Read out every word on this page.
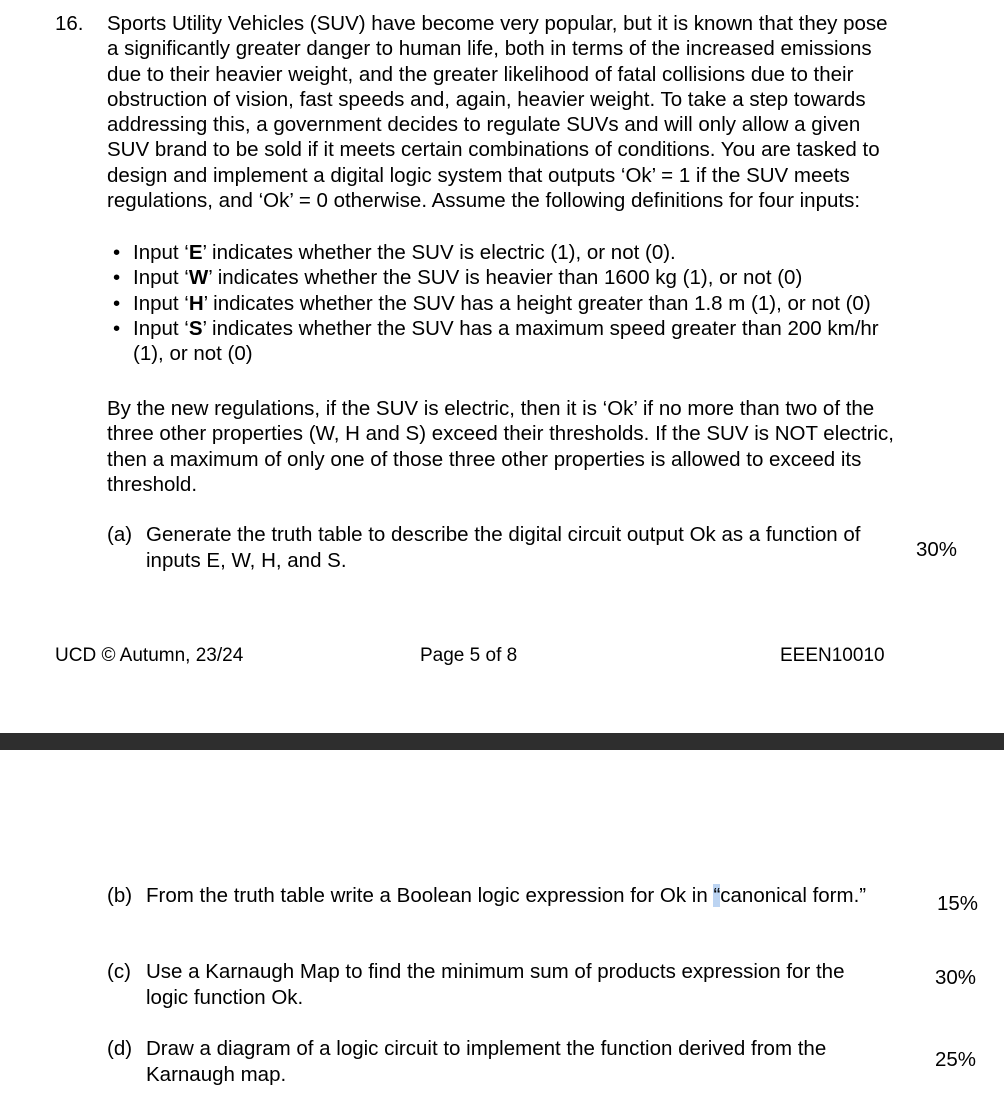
16. Sports Utility Vehicles (SUV) have become very popular, but it is known that they pose a significantly greater danger to human life, both in terms of the increased emissions due to their heavier weight, and the greater likelihood of fatal collisions due to their obstruction of vision, fast speeds and, again, heavier weight. To take a step towards addressing this, a government decides to regulate SUVs and will only allow a given SUV brand to be sold if it meets certain combinations of conditions. You are tasked to design and implement a digital logic system that outputs ‘Ok’ = 1 if the SUV meets regulations, and ‘Ok’ = 0 otherwise. Assume the following definitions for four inputs:
• Input ‘E’ indicates whether the SUV is electric (1), or not (0).
• Input ‘W’ indicates whether the SUV is heavier than 1600 kg (1), or not (0)
• Input ‘H’ indicates whether the SUV has a height greater than 1.8 m (1), or not (0)
• Input ‘S’ indicates whether the SUV has a maximum speed greater than 200 km/hr (1), or not (0)
By the new regulations, if the SUV is electric, then it is ‘Ok’ if no more than two of the three other properties (W, H and S) exceed their thresholds. If the SUV is NOT electric, then a maximum of only one of those three other properties is allowed to exceed its threshold.
(a) Generate the truth table to describe the digital circuit output Ok as a function of inputs E, W, H, and S.	30%
UCD © Autumn, 23/24	Page 5 of 8	EEEN10010
(b) From the truth table write a Boolean logic expression for Ok in “canonical form.”	15%
(c) Use a Karnaugh Map to find the minimum sum of products expression for the logic function Ok.
30%
(d) Draw a diagram of a logic circuit to implement the function derived from the Karnaugh map.
25%
